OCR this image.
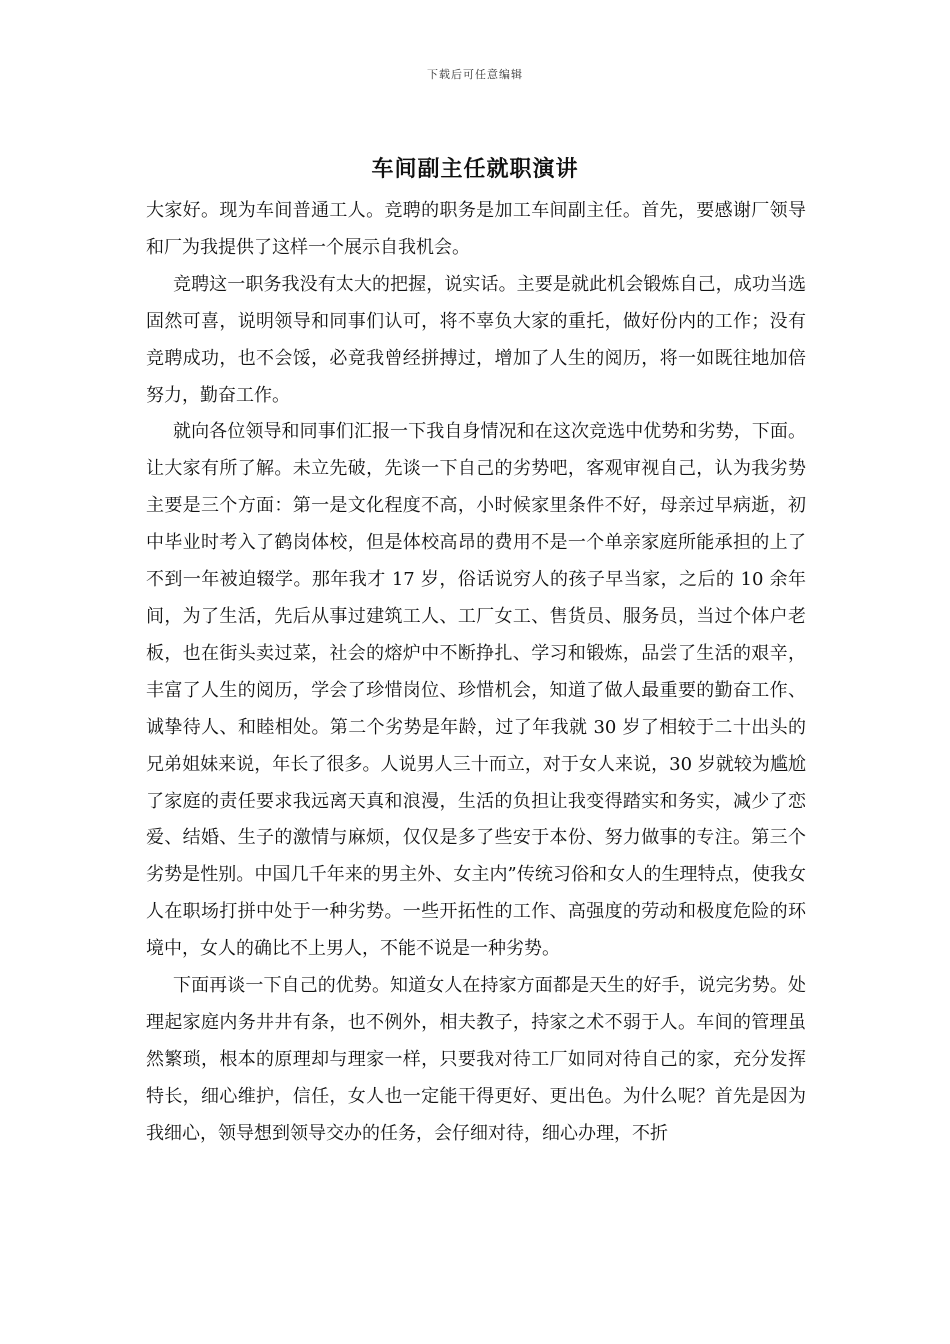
下载后可任意编辑
车间副主任就职演讲

大家好。现为车间普通工人。竞聘的职务是加工车间副主任。首先，要感谢厂领导和厂为我提供了这样一个展示自我机会。

竞聘这一职务我没有太大的把握，说实话。主要是就此机会锻炼自己，成功当选固然可喜，说明领导和同事们认可，将不辜负大家的重托，做好份内的工作；没有竞聘成功，也不会馁，必竟我曾经拼搏过，增加了人生的阅历，将一如既往地加倍努力，勤奋工作。

就向各位领导和同事们汇报一下我自身情况和在这次竞选中优势和劣势，下面。让大家有所了解。未立先破，先谈一下自己的劣势吧，客观审视自己，认为我劣势主要是三个方面：第一是文化程度不高，小时候家里条件不好，母亲过早病逝，初中毕业时考入了鹤岗体校，但是体校高昂的费用不是一个单亲家庭所能承担的上了不到一年被迫辍学。那年我才 17 岁，俗话说穷人的孩子早当家，之后的 10 余年间，为了生活，先后从事过建筑工人、工厂女工、售货员、服务员，当过个体户老板，也在街头卖过菜，社会的熔炉中不断挣扎、学习和锻炼，品尝了生活的艰辛，丰富了人生的阅历，学会了珍惜岗位、珍惜机会，知道了做人最重要的勤奋工作、诚挚待人、和睦相处。第二个劣势是年龄，过了年我就 30 岁了相较于二十出头的兄弟姐妹来说，年长了很多。人说男人三十而立，对于女人来说，30 岁就较为尴尬了家庭的责任要求我远离天真和浪漫，生活的负担让我变得踏实和务实，减少了恋爱、结婚、生子的激情与麻烦，仅仅是多了些安于本份、努力做事的专注。第三个劣势是性别。中国几千年来的男主外、女主内”传统习俗和女人的生理特点，使我女人在职场打拼中处于一种劣势。一些开拓性的工作、高强度的劳动和极度危险的环境中，女人的确比不上男人，不能不说是一种劣势。

下面再谈一下自己的优势。知道女人在持家方面都是天生的好手，说完劣势。处理起家庭内务井井有条，也不例外，相夫教子，持家之术不弱于人。车间的管理虽然繁琐，根本的原理却与理家一样，只要我对待工厂如同对待自己的家，充分发挥特长，细心维护，信任，女人也一定能干得更好、更出色。为什么呢？首先是因为我细心，领导想到领导交办的任务，会仔细对待，细心办理，不折
